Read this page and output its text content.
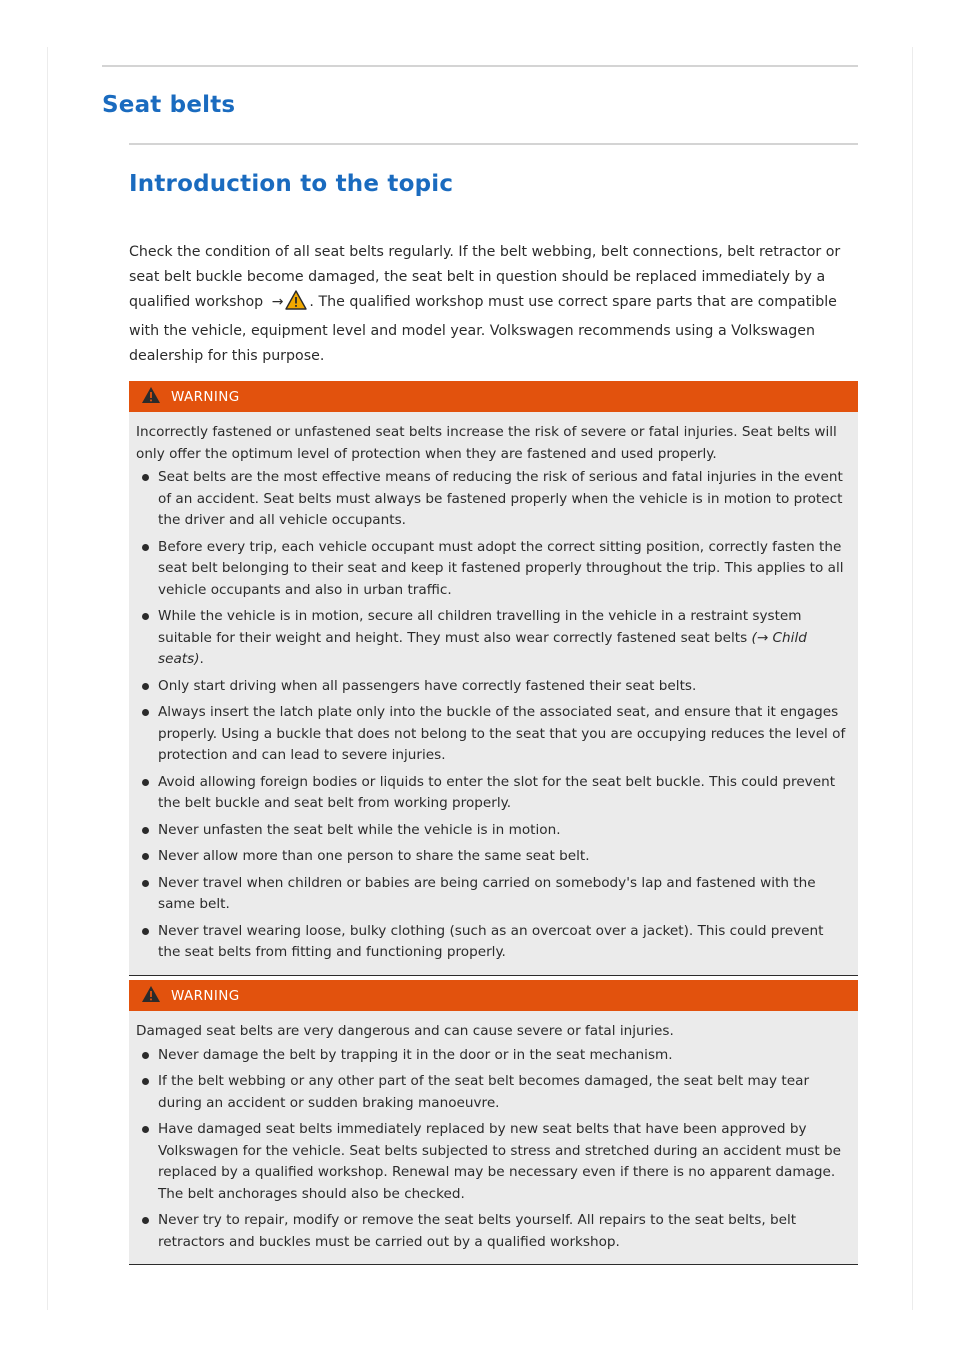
Seat belts
Introduction to the topic

Check the condition of all seat belts regularly. If the belt webbing, belt connections, belt retractor or seat belt buckle become damaged, the seat belt in question should be replaced immediately by a qualified workshop → . The qualified workshop must use correct spare parts that are compatible with the vehicle, equipment level and model year. Volkswagen recommends using a Volkswagen dealership for this purpose.

WARNING

Incorrectly fastened or unfastened seat belts increase the risk of severe or fatal injuries. Seat belts will only offer the optimum level of protection when they are fastened and used properly.

Seat belts are the most effective means of reducing the risk of serious and fatal injuries in the event of an accident. Seat belts must always be fastened properly when the vehicle is in motion to protect the driver and all vehicle occupants.
Before every trip, each vehicle occupant must adopt the correct sitting position, correctly fasten the seat belt belonging to their seat and keep it fastened properly throughout the trip. This applies to all vehicle occupants and also in urban traffic.
While the vehicle is in motion, secure all children travelling in the vehicle in a restraint system suitable for their weight and height. They must also wear correctly fastened seat belts (→ Child seats).
Only start driving when all passengers have correctly fastened their seat belts.
Always insert the latch plate only into the buckle of the associated seat, and ensure that it engages properly. Using a buckle that does not belong to the seat that you are occupying reduces the level of protection and can lead to severe injuries.
Avoid allowing foreign bodies or liquids to enter the slot for the seat belt buckle. This could prevent the belt buckle and seat belt from working properly.
Never unfasten the seat belt while the vehicle is in motion.
Never allow more than one person to share the same seat belt.
Never travel when children or babies are being carried on somebody's lap and fastened with the same belt.
Never travel wearing loose, bulky clothing (such as an overcoat over a jacket). This could prevent the seat belts from fitting and functioning properly.
WARNING

Damaged seat belts are very dangerous and can cause severe or fatal injuries.

Never damage the belt by trapping it in the door or in the seat mechanism.
If the belt webbing or any other part of the seat belt becomes damaged, the seat belt may tear during an accident or sudden braking manoeuvre.
Have damaged seat belts immediately replaced by new seat belts that have been approved by Volkswagen for the vehicle. Seat belts subjected to stress and stretched during an accident must be replaced by a qualified workshop. Renewal may be necessary even if there is no apparent damage. The belt anchorages should also be checked.
Never try to repair, modify or remove the seat belts yourself. All repairs to the seat belts, belt retractors and buckles must be carried out by a qualified workshop.
